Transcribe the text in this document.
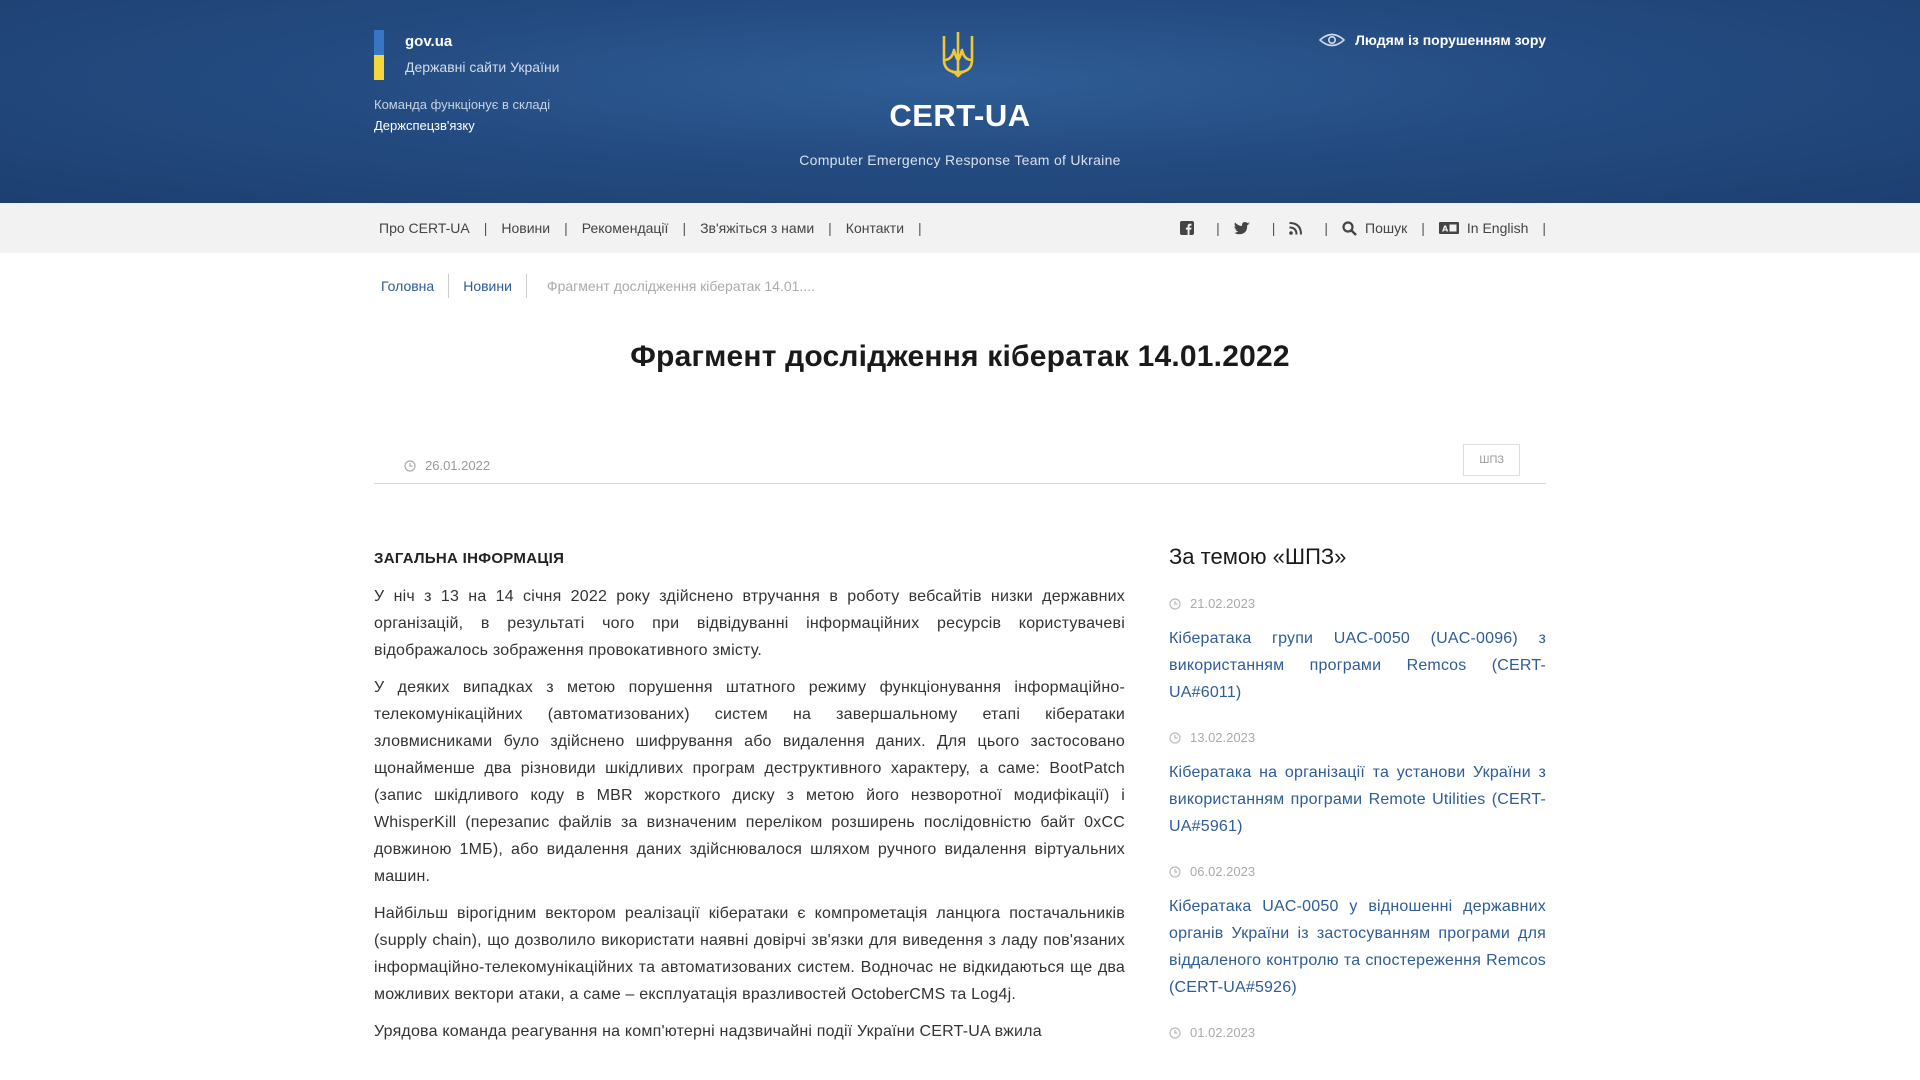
gov.ua
Державні сайти України
Команда функціонує в складі Держспецзв'язку	CERT-UA
Computer Emergency Response Team of Ukraine
Людям із порушенням зору
Про CERT-UA	|	Новини	|	Рекомендації	|	Зв'яжіться з нами	|	Контакти	|	|	|	|	Пошук | A In English |
Головна	Новини	Фрагмент дослідження кібератак 14.01....
Фрагмент дослідження кібератак 14.01.2022
26.01.2022	ШПЗ
ЗАГАЛЬНА ІНФОРМАЦІЯ

У ніч з 13 на 14 січня 2022 року здійснено втручання в роботу вебсайтів низки державних організацій, в результаті чого при відвідуванні інформаційних ресурсів користувачеві відображалось зображення провокативного змісту.

У деяких випадках з метою порушення штатного режиму функціонування інформаційно-телекомунікаційних (автоматизованих) систем на завершальному етапі кібератаки зловмисниками було здійснено шифрування або видалення даних. Для цього застосовано щонайменше два різновиди шкідливих програм деструктивного характеру, а саме: BootPatch (запис шкідливого коду в MBR жорсткого диску з метою його незворотної модифікації) і WhisperKill (перезапис файлів за визначеним переліком розширень послідовністю байт 0xCC довжиною 1МБ), або видалення даних здійснювалося шляхом ручного видалення віртуальних машин.

Найбільш вірогідним вектором реалізації кібератаки є компрометація ланцюга постачальників (supply chain), що дозволило використати наявні довірчі зв'язки для виведення з ладу пов'язаних інформаційно-телекомунікаційних та автоматизованих систем. Водночас не відкидаються ще два можливих вектори атаки, а саме – експлуатація вразливостей OctoberCMS та Log4j.

Урядова команда реагування на комп'ютерні надзвичайні події України CERT-UA вжила

За темою «ШПЗ»
21.02.2023
Кібератака групи UAC-0050 (UAC-0096) з використанням програми Remcos (CERT-UA#6011)
13.02.2023
Кібератака на організації та установи України з використанням програми Remote Utilities (CERT-UA#5961)
06.02.2023
Кібератака UAC-0050 у відношенні державних органів України із застосуванням програми для віддаленого контролю та спостереження Remcos (CERT-UA#5926)
01.02.2023
